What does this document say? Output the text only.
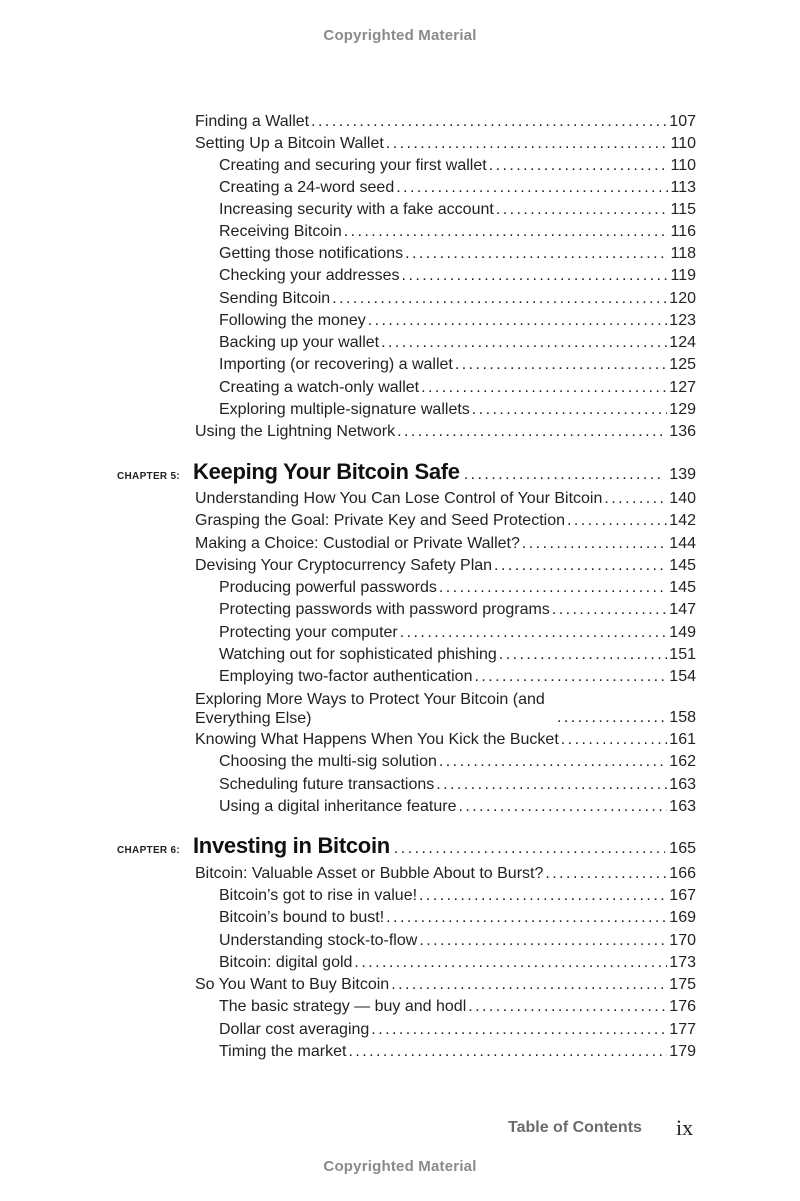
Copyrighted Material
Finding a Wallet . . .	107
Setting Up a Bitcoin Wallet . . .	110
Creating and securing your first wallet . . .	110
Creating a 24-word seed . . .	113
Increasing security with a fake account . . .	115
Receiving Bitcoin . . .	116
Getting those notifications . . .	118
Checking your addresses . . .	119
Sending Bitcoin . . .	120
Following the money . . .	123
Backing up your wallet . . .	124
Importing (or recovering) a wallet . . .	125
Creating a watch-only wallet . . .	127
Exploring multiple-signature wallets . . .	129
Using the Lightning Network . . .	136
CHAPTER 5: Keeping Your Bitcoin Safe . . .	139
Understanding How You Can Lose Control of Your Bitcoin . . .	140
Grasping the Goal: Private Key and Seed Protection . . .	142
Making a Choice: Custodial or Private Wallet? . . .	144
Devising Your Cryptocurrency Safety Plan . . .	145
Producing powerful passwords . . .	145
Protecting passwords with password programs . . .	147
Protecting your computer . . .	149
Watching out for sophisticated phishing . . .	151
Employing two-factor authentication . . .	154
Exploring More Ways to Protect Your Bitcoin (and Everything Else) . . .	158
Knowing What Happens When You Kick the Bucket . . .	161
Choosing the multi-sig solution . . .	162
Scheduling future transactions . . .	163
Using a digital inheritance feature . . .	163
CHAPTER 6: Investing in Bitcoin . . .	165
Bitcoin: Valuable Asset or Bubble About to Burst? . . .	166
Bitcoin’s got to rise in value! . . .	167
Bitcoin’s bound to bust! . . .	169
Understanding stock-to-flow . . .	170
Bitcoin: digital gold . . .	173
So You Want to Buy Bitcoin . . .	175
The basic strategy — buy and hodl . . .	176
Dollar cost averaging . . .	177
Timing the market . . .	179
Table of Contents ix
Copyrighted Material
